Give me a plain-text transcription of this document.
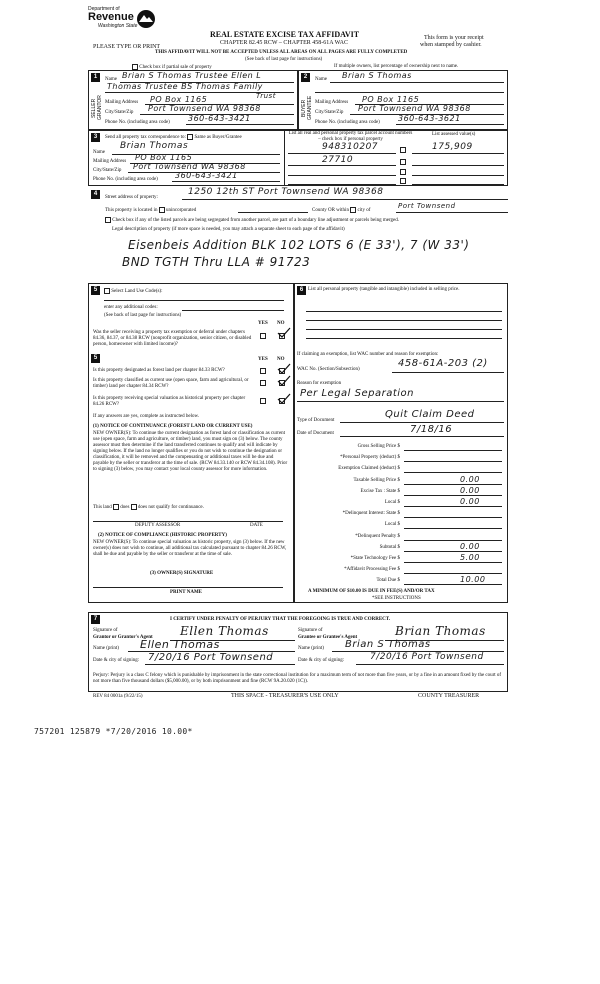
Department of
Revenue
Washington State
REAL ESTATE EXCISE TAX AFFIDAVIT
CHAPTER 82.45 RCW – CHAPTER 458-61A WAC
PLEASE TYPE OR PRINT
THIS AFFIDAVIT WILL NOT BE ACCEPTED UNLESS ALL AREAS ON ALL PAGES ARE FULLY COMPLETED
(See back of last page for instructions)
This form is your receipt
when stamped by cashier.
Check box if partial sale of property	If multiple owners, list percentage of ownership next to name.
1	2
SELLER GRANTOR	BUYER GRANTEE
Name Brian S Thomas Trustee Ellen L
Thomas Trustee BS Thomas Family
Trust
Mailing Address PO Box 1165
City/State/Zip Port Townsend WA 98368
Phone No. (including area code) 360-643-3421
Name Brian S Thomas
Mailing Address PO Box 1165
City/State/Zip Port Townsend WA 98368
Phone No. (including area code) 360-643-3621
3	Send all property tax correspondence to: Same as Buyer/Grantee
Name
Brian Thomas
Mailing Address PO Box 1165
City/State/Zip Port Townsend WA 98368
Phone No. (including area code) 360-643-3421
List all real and personal property tax parcel account numbers – check box if personal property
List assessed value(s)
948310207	175,909
27710
4
Street address of property:
1250 12th ST Port Townsend WA 98368
This property is located in unincorporated	County OR within city of
Port Townsend
Check box if any of the listed parcels are being segregated from another parcel, are part of a boundary line adjustment or parcels being merged.
Legal description of property (if more space is needed, you may attach a separate sheet to each page of the affidavit)
Eisenbeis Addition BLK 102 LOTS 6 (E 33'), 7 (W 33')
BND TGTH Thru LLA # 91723
5	6
Select Land Use Code(s):
enter any additional codes:
(See back of last page for instructions)
YES NO
Was the seller receiving a property tax exemption or deferral under chapters 84.36, 84.37, or 84.38 RCW (nonprofit organization, senior citizen, or disabled person, homeowner with limited income)?
5	YES NO
Is this property designated as forest land per chapter 84.33 RCW?
Is this property classified as current use (open space, farm and agricultural, or timber) land per chapter 84.34 RCW?
Is this property receiving special valuation as historical property per chapter 84.26 RCW?
If any answers are yes, complete as instructed below.
(1) NOTICE OF CONTINUANCE (FOREST LAND OR CURRENT USE)
NEW OWNER(S): To continue the current designation as forest land or classification as current use (open space, farm and agriculture, or timber) land, you must sign on (3) below. The county assessor must then determine if the land transferred continues to qualify and will indicate by signing below. If the land no longer qualifies or you do not wish to continue the designation or classification, it will be removed and the compensating or additional taxes will be due and payable by the seller or transferor at the time of sale. (RCW 84.33.140 or RCW 84.34.108). Prior to signing (3) below, you may contact your local county assessor for more information.
This land does does not qualify for continuance.
DEPUTY ASSESSOR	DATE
(2) NOTICE OF COMPLIANCE (HISTORIC PROPERTY)
NEW OWNER(S): To continue special valuation as historic property, sign (3) below. If the new owner(s) does not wish to continue, all additional tax calculated pursuant to chapter 84.26 RCW, shall be due and payable by the seller or transferor at the time of sale.
(3) OWNER(S) SIGNATURE
PRINT NAME
List all personal property (tangible and intangible) included in selling price.
If claiming an exemption, list WAC number and reason for exemption:
WAC No. (Section/Subsection)
458-61A-203 (2)
Reason for exemption
Per Legal Separation
Type of Document
Quit Claim Deed
Date of Document	7/18/16
Gross Selling Price $
*Personal Property (deduct) $
Exemption Claimed (deduct) $
Taxable Selling Price $	0.00
Excise Tax : State $	0.00
Local $	0.00
*Delinquent Interest: State $
Local $
*Delinquent Penalty $
Subtotal $	0.00
*State Technology Fee $	5.00
*Affidavit Processing Fee $
Total Due $	10.00
A MINIMUM OF $10.00 IS DUE IN FEE(S) AND/OR TAX
*SEE INSTRUCTIONS
7	I CERTIFY UNDER PENALTY OF PERJURY THAT THE FOREGOING IS TRUE AND CORRECT.
Signature of
Grantor or Grantor's Agent Ellen Thomas
Name (print) Ellen Thomas
Date & city of signing: 7/20/16 Port Townsend
Signature of
Grantee or Grantee's Agent	Brian Thomas
Name (print) Brian S Thomas
Date & city of signing:	7/20/16 Port Townsend
Perjury: Perjury is a class C felony which is punishable by imprisonment in the state correctional institution for a maximum term of not more than five years, or by a fine in an amount fixed by the court of not more than five thousand dollars ($5,000.00), or by both imprisonment and fine (RCW 9A.20.020 (1C)).
REV 84 0001a (9/22/15)	THIS SPACE - TREASURER'S USE ONLY	COUNTY TREASURER
757201 125879 *7/20/2016 10.00*
